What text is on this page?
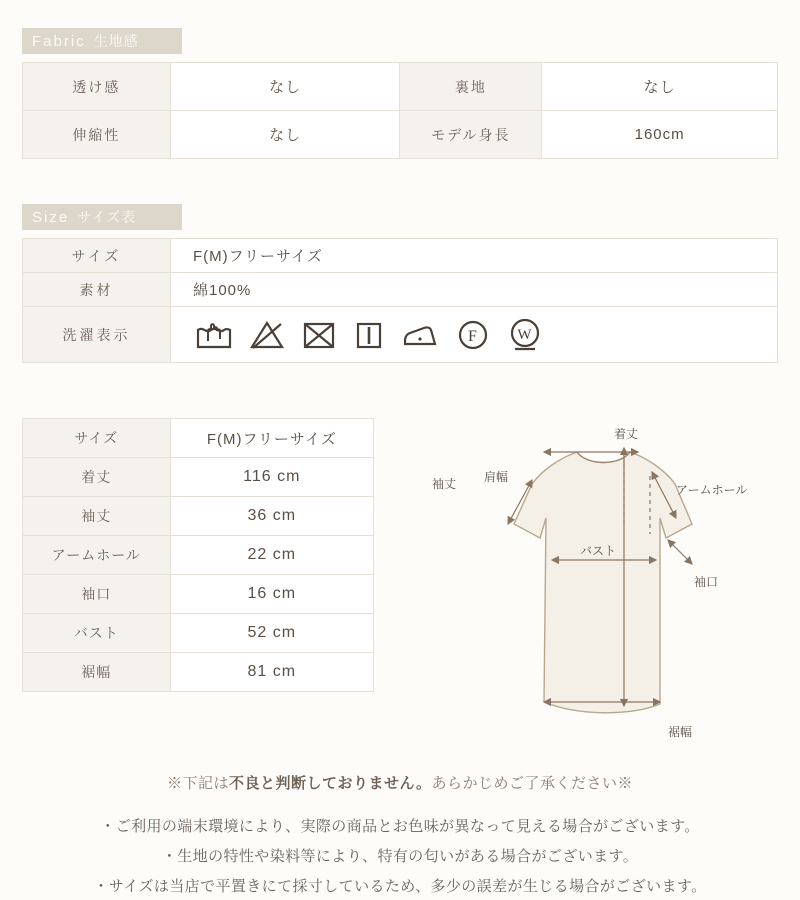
Fabric 生地感
透け感	なし	裏地	なし
伸縮性	なし	モデル身長	160cm
Size サイズ表
サイズ	F(M)フリーサイズ
素材	綿100%
洗濯表示	F W
サイズ	F(M)フリーサイズ
着丈	116 cm
袖丈	36 cm
アームホール	22 cm
袖口	16 cm
バスト	52 cm
裾幅	81 cm
肩幅
着丈
袖丈	アームホール
バスト
袖口
裾幅
※下記は不良と判断しておりません。あらかじめご了承ください※
・ご利用の端末環境により、実際の商品とお色味が異なって見える場合がございます。
・生地の特性や染料等により、特有の匂いがある場合がございます。
・サイズは当店で平置きにて採寸しているため、多少の誤差が生じる場合がございます。
